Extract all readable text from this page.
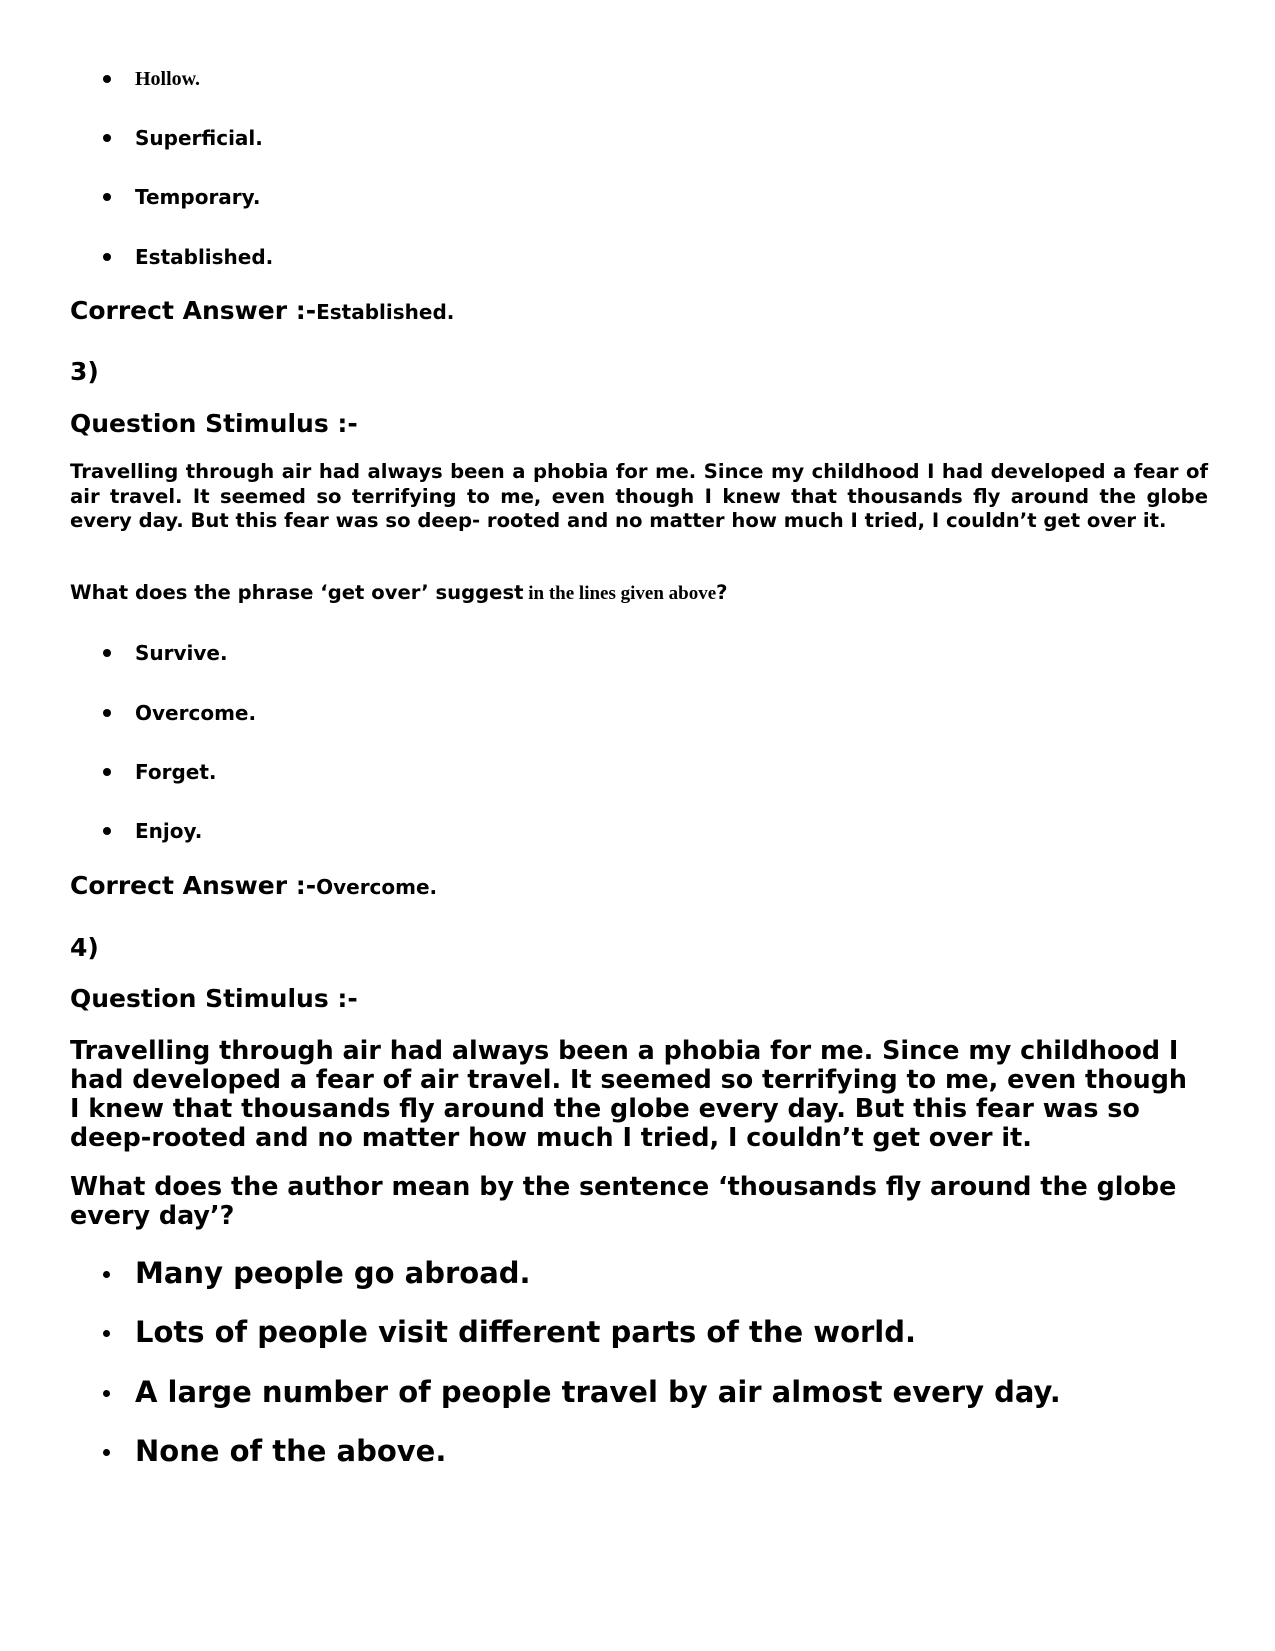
Hollow.
Superficial.
Temporary.
Established.
Correct Answer :-Established.
3)
Question Stimulus :-

Travelling through air had always been a phobia for me. Since my childhood I had developed a fear of air travel. It seemed so terrifying to me, even though I knew that thousands fly around the globe every day. But this fear was so deep- rooted and no matter how much I tried, I couldn’t get over it.

What does the phrase ‘get over’ suggest in the lines given above?
Survive.
Overcome.
Forget.
Enjoy.
Correct Answer :-Overcome.
4)
Question Stimulus :-

Travelling through air had always been a phobia for me. Since my childhood I had developed a fear of air travel. It seemed so terrifying to me, even though I knew that thousands fly around the globe every day. But this fear was so deep-rooted and no matter how much I tried, I couldn’t get over it.

What does the author mean by the sentence ‘thousands fly around the globe every day’?

Many people go abroad.
Lots of people visit different parts of the world.
A large number of people travel by air almost every day.
None of the above.
